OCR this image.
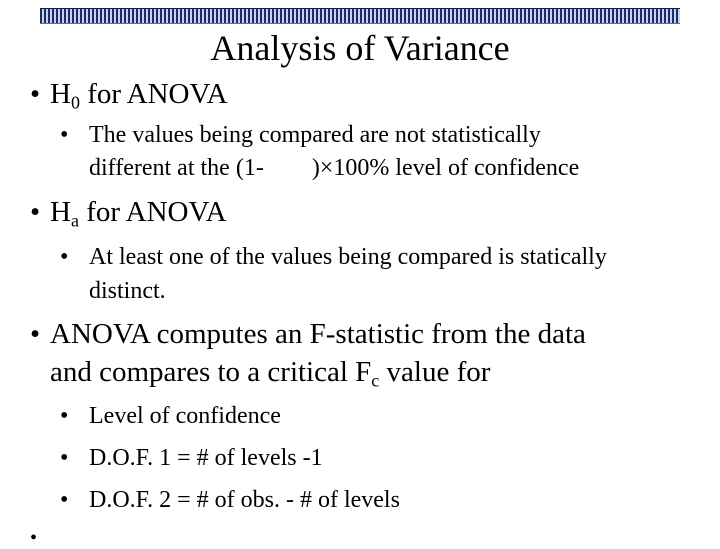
Analysis of Variance
• $H_0$ for ANOVA
• The values being compared are not statistically
different at the (1- )×100% level of confidence
• $H_a$ for ANOVA
• At least one of the values being compared is statically
distinct.
• ANOVA computes an F-statistic from the data
and compares to a critical $F_c$ value for
• Level of confidence
• D.O.F. 1 = # of levels -1
• D.O.F. 2 = # of obs. - # of levels
•
